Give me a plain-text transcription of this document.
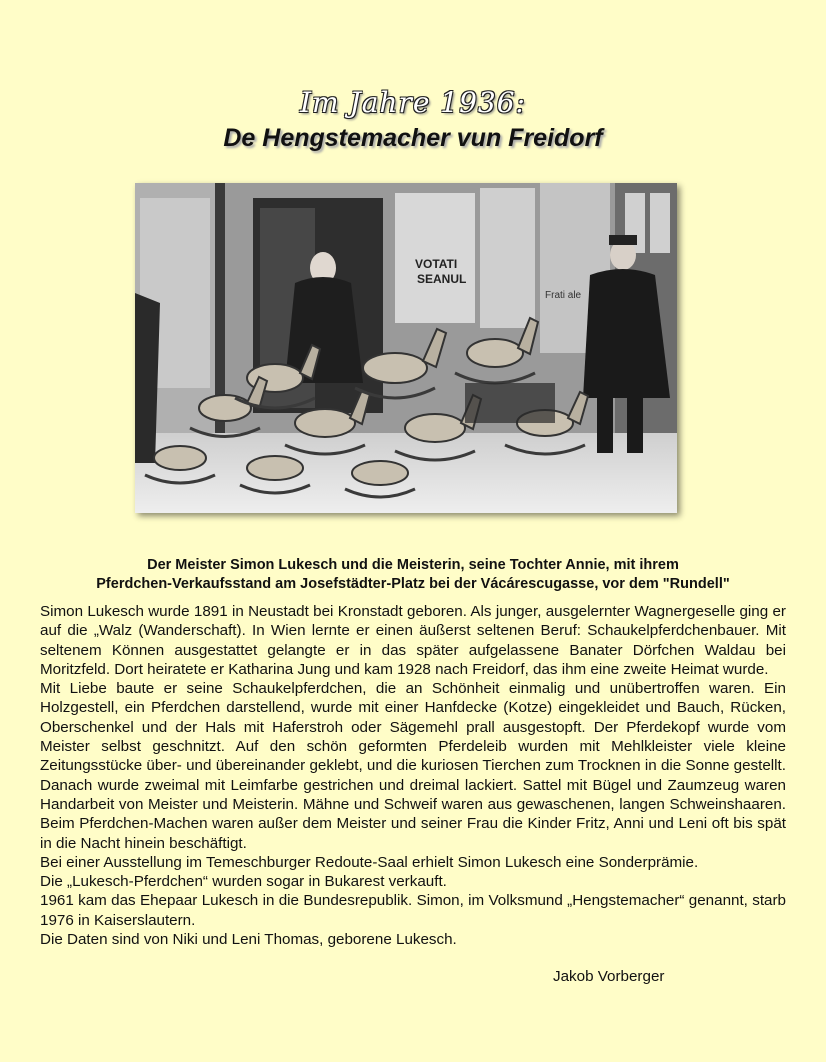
Im Jahre 1936:
De Hengstemacher vun Freidorf
VOTATI
SEANUL
Frati ale
Der Meister Simon Lukesch und die Meisterin, seine Tochter Annie, mit ihrem
Pferdchen-Verkaufsstand am Josefstädter-Platz bei der Vácárescugasse, vor dem "Rundell"

Simon Lukesch wurde 1891 in Neustadt bei Kronstadt geboren. Als junger, ausgelernter Wagnergeselle ging er auf die „Walz (Wanderschaft). In Wien lernte er einen äußerst seltenen Beruf: Schaukelpferdchenbauer. Mit seltenem Können ausgestattet gelangte er in das später aufgelassene Banater Dörfchen Waldau bei Moritzfeld. Dort heiratete er Katharina Jung und kam 1928 nach Freidorf, das ihm eine zweite Heimat wurde.

Mit Liebe baute er seine Schaukelpferdchen, die an Schönheit einmalig und unübertroffen waren. Ein Holzgestell, ein Pferdchen darstellend, wurde mit einer Hanfdecke (Kotze) eingekleidet und Bauch, Rücken, Oberschenkel und der Hals mit Haferstroh oder Sägemehl prall ausgestopft. Der Pferdekopf wurde vom Meister selbst geschnitzt. Auf den schön geformten Pferdeleib wurden mit Mehlkleister viele kleine Zeitungsstücke über- und übereinander geklebt, und die kuriosen Tierchen zum Trocknen in die Sonne gestellt. Danach wurde zweimal mit Leimfarbe gestrichen und dreimal lackiert. Sattel mit Bügel und Zaumzeug waren Handarbeit von Meister und Meisterin. Mähne und Schweif waren aus gewaschenen, langen Schweinshaaren. Beim Pferdchen-Machen waren außer dem Meister und seiner Frau die Kinder Fritz, Anni und Leni oft bis spät in die Nacht hinein beschäftigt.

Bei einer Ausstellung im Temeschburger Redoute-Saal erhielt Simon Lukesch eine Sonderprämie.

Die „Lukesch-Pferdchen“ wurden sogar in Bukarest verkauft.

1961 kam das Ehepaar Lukesch in die Bundesrepublik. Simon, im Volksmund „Hengstemacher“ genannt, starb 1976 in Kaiserslautern.

Die Daten sind von Niki und Leni Thomas, geborene Lukesch.

Jakob Vorberger
